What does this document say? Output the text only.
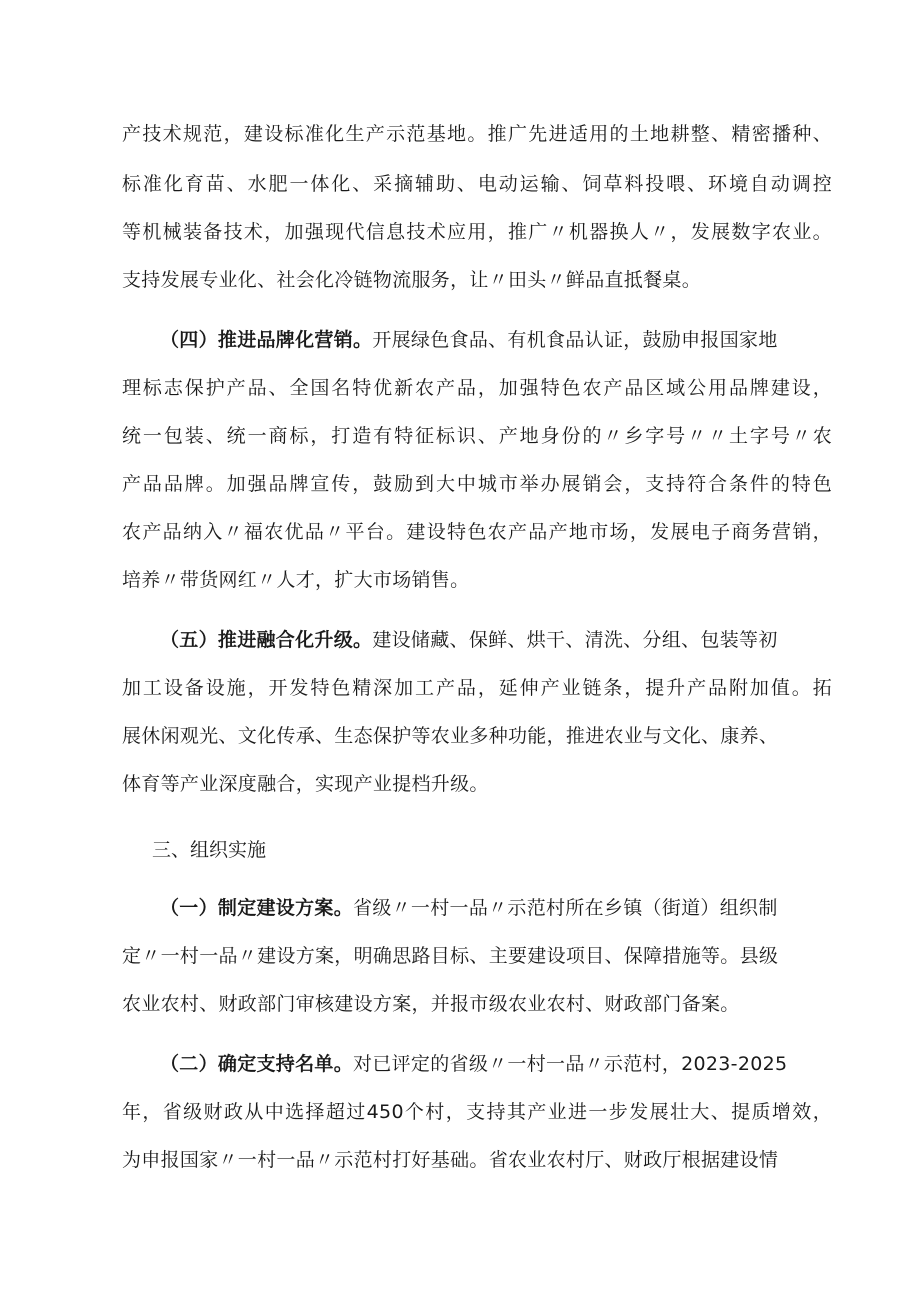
产技术规范，建设标准化生产示范基地。推广先进适用的土地耕整、精密播种、
标准化育苗、水肥一体化、采摘辅助、电动运输、饲草料投喂、环境自动调控
等机械装备技术，加强现代信息技术应用，推广〃机器换人〃，发展数字农业。
支持发展专业化、社会化冷链物流服务，让〃田头〃鲜品直抵餐桌。
（四）推进品牌化营销。开展绿色食品、有机食品认证，鼓励申报国家地
理标志保护产品、全国名特优新农产品，加强特色农产品区域公用品牌建设，
统一包装、统一商标，打造有特征标识、产地身份的〃乡字号〃〃土字号〃农
产品品牌。加强品牌宣传，鼓励到大中城市举办展销会，支持符合条件的特色
农产品纳入〃福农优品〃平台。建设特色农产品产地市场，发展电子商务营销，
培养〃带货网红〃人才，扩大市场销售。
（五）推进融合化升级。建设储藏、保鲜、烘干、清洗、分组、包装等初
加工设备设施，开发特色精深加工产品，延伸产业链条，提升产品附加值。拓
展休闲观光、文化传承、生态保护等农业多种功能，推进农业与文化、康养、
体育等产业深度融合，实现产业提档升级。
三、组织实施
（一）制定建设方案。省级〃一村一品〃示范村所在乡镇（街道）组织制
定〃一村一品〃建设方案，明确思路目标、主要建设项目、保障措施等。县级
农业农村、财政部门审核建设方案，并报市级农业农村、财政部门备案。
（二）确定支持名单。对已评定的省级〃一村一品〃示范村，2023-2025
年，省级财政从中选择超过450个村，支持其产业进一步发展壮大、提质增效，
为申报国家〃一村一品〃示范村打好基础。省农业农村厅、财政厅根据建设情
